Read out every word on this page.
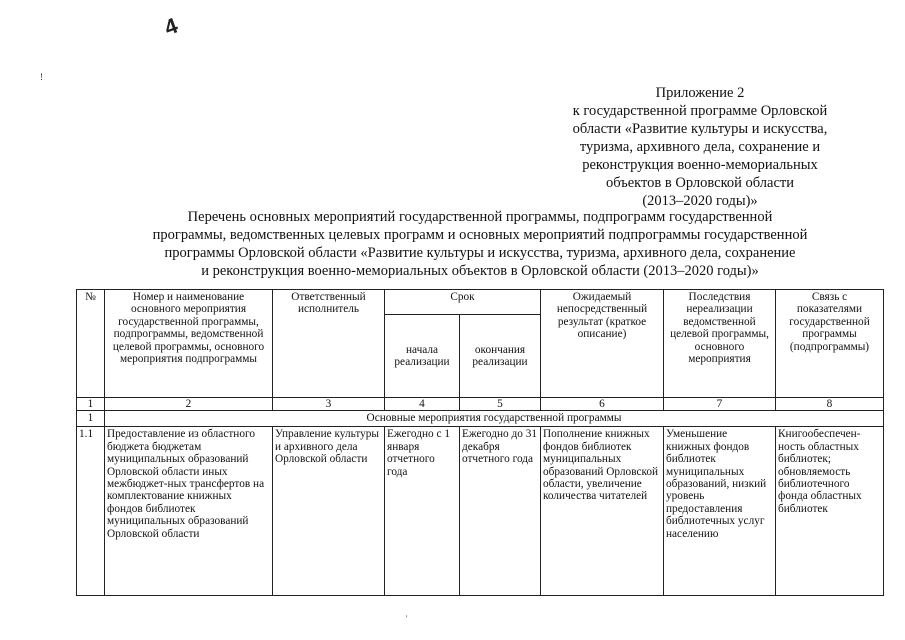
4
!
'
Приложение 2
к государственной программе Орловской
области «Развитие культуры и искусства,
туризма, архивного дела, сохранение и
реконструкция военно-мемориальных
объектов в Орловской области
(2013–2020 годы)»
Перечень основных мероприятий государственной программы, подпрограмм государственной
программы, ведомственных целевых программ и основных мероприятий подпрограммы государственной
программы Орловской области «Развитие культуры и искусства, туризма, архивного дела, сохранение
и реконструкция военно-мемориальных объектов в Орловской области (2013–2020 годы)»
№	Номер и наименование основного мероприятия государственной программы, подпрограммы, ведомственной целевой программы, основного мероприятия подпрограммы	Ответственный исполнитель	Срок		Ожидаемый непосредственный результат (краткое описание)	Последствия нереализации ведомственной целевой программы, основного мероприятия	Связь с показателями государственной программы (подпрограммы)
			начала реализации	окончания реализации			
1	2	3	4	5	6	7	8
1	Основные мероприятия государственной программы						
1.1	Предоставление из областного бюджета бюджетам муниципальных образований Орловской области иных межбюджет-ных трансфертов на комплектование книжных фондов библиотек муниципальных образований Орловской области	Управление культуры и архивного дела Орловской области	Ежегодно с 1 января отчетного года	Ежегодно до 31 декабря отчетного года	Пополнение книжных фондов библиотек муниципальных образований Орловской области, увеличение количества читателей	Уменьшение книжных фондов библиотек муниципальных образований, низкий уровень предоставления библиотечных услуг населению	Книгообеспечен-ность областных библиотек; обновляемость библиотечного фонда областных библиотек
